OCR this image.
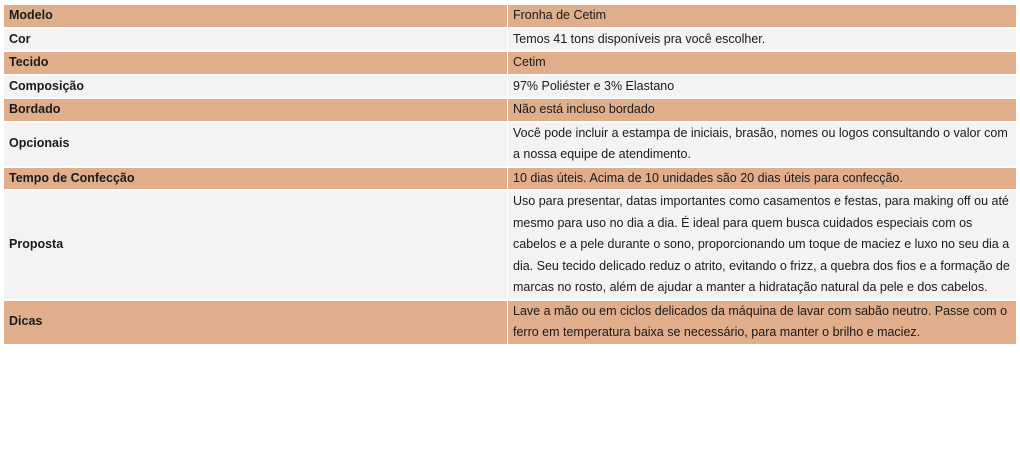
Modelo	Fronha de Cetim
Cor	Temos 41 tons disponíveis pra você escolher.
Tecido	Cetim
Composição	97% Poliéster e 3% Elastano
Bordado	Não está incluso bordado
Opcionais	Você pode incluir a estampa de iniciais, brasão, nomes ou logos consultando o valor com a nossa equipe de atendimento.
Tempo de Confecção	10 dias úteis. Acima de 10 unidades são 20 dias úteis para confecção.
Proposta	Uso para presentar, datas importantes como casamentos e festas, para making off ou até mesmo para uso no dia a dia. É ideal para quem busca cuidados especiais com os cabelos e a pele durante o sono, proporcionando um toque de maciez e luxo no seu dia a dia. Seu tecido delicado reduz o atrito, evitando o frizz, a quebra dos fios e a formação de marcas no rosto, além de ajudar a manter a hidratação natural da pele e dos cabelos.
Dicas	Lave a mão ou em ciclos delicados da máquina de lavar com sabão neutro. Passe com o ferro em temperatura baixa se necessário, para manter o brilho e maciez.
